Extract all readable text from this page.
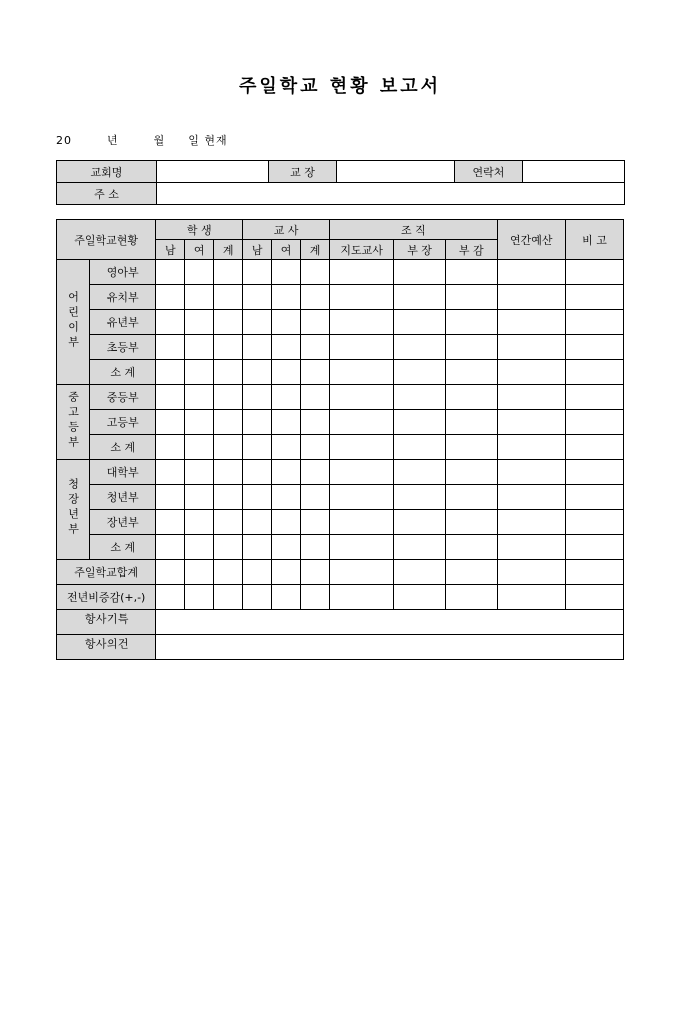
주일학교 현황 보고서
20	년	월 일 현재
교회명		교 장		연락처	
주 소					
주일학교현황		학 생			교 사			조 직			연간예산	비 고
		남	여	계	남	여	계	지도교사	부 장	부 감		
어린이부	영아부											
	유치부											
	유년부											
	초등부											
	소 계											
중고등부	중등부											
	고등부											
	소 계											
청장년부	대학부											
	청년부											
	장년부											
	소 계											
주일학교합계												
전년비증감(+,-)												
특기사항												
건의사항												
